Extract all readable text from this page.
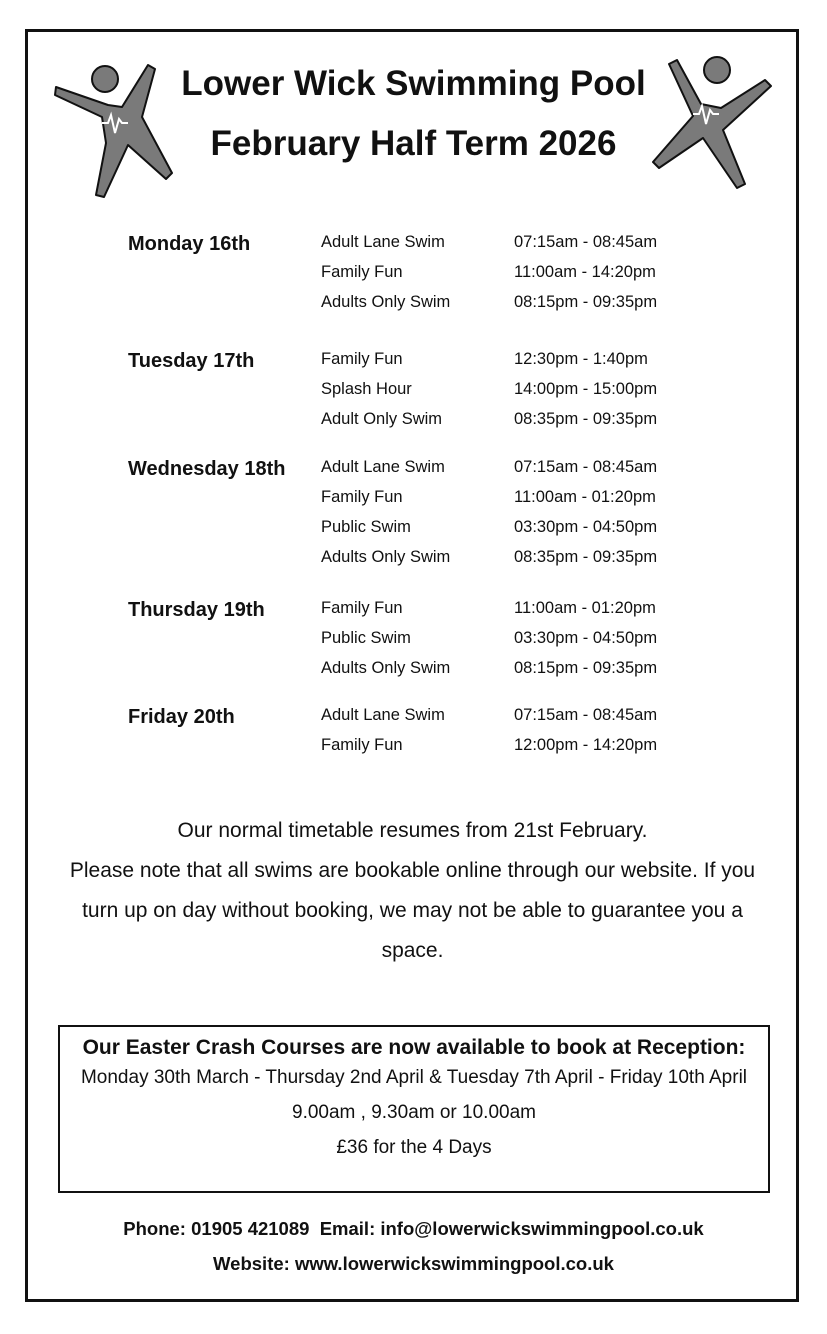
Lower Wick Swimming Pool
February Half Term 2026
Monday 16th	Adult Lane Swim	07:15am - 08:45am
Family Fun	11:00am - 14:20pm
Adults Only Swim	08:15pm - 09:35pm
Tuesday 17th	Family Fun	12:30pm - 1:40pm
Splash Hour	14:00pm - 15:00pm
Adult Only Swim	08:35pm - 09:35pm
Wednesday 18th Adult Lane Swim	07:15am - 08:45am
Family Fun	11:00am - 01:20pm
Public Swim	03:30pm - 04:50pm
Adults Only Swim	08:35pm - 09:35pm
Thursday 19th	Family Fun	11:00am - 01:20pm
Public Swim	03:30pm - 04:50pm
Adults Only Swim	08:15pm - 09:35pm
Friday 20th	Adult Lane Swim	07:15am - 08:45am
Family Fun	12:00pm - 14:20pm

Our normal timetable resumes from 21st February.

Please note that all swims are bookable online through our website. If you turn up on day without booking, we may not be able to guarantee you a space.

Our Easter Crash Courses are now available to book at Reception:
Monday 30th March - Thursday 2nd April & Tuesday 7th April - Friday 10th April
9.00am , 9.30am or 10.00am
£36 for the 4 Days
Phone: 01905 421089  Email: info@lowerwickswimmingpool.co.uk
Website: www.lowerwickswimmingpool.co.uk
